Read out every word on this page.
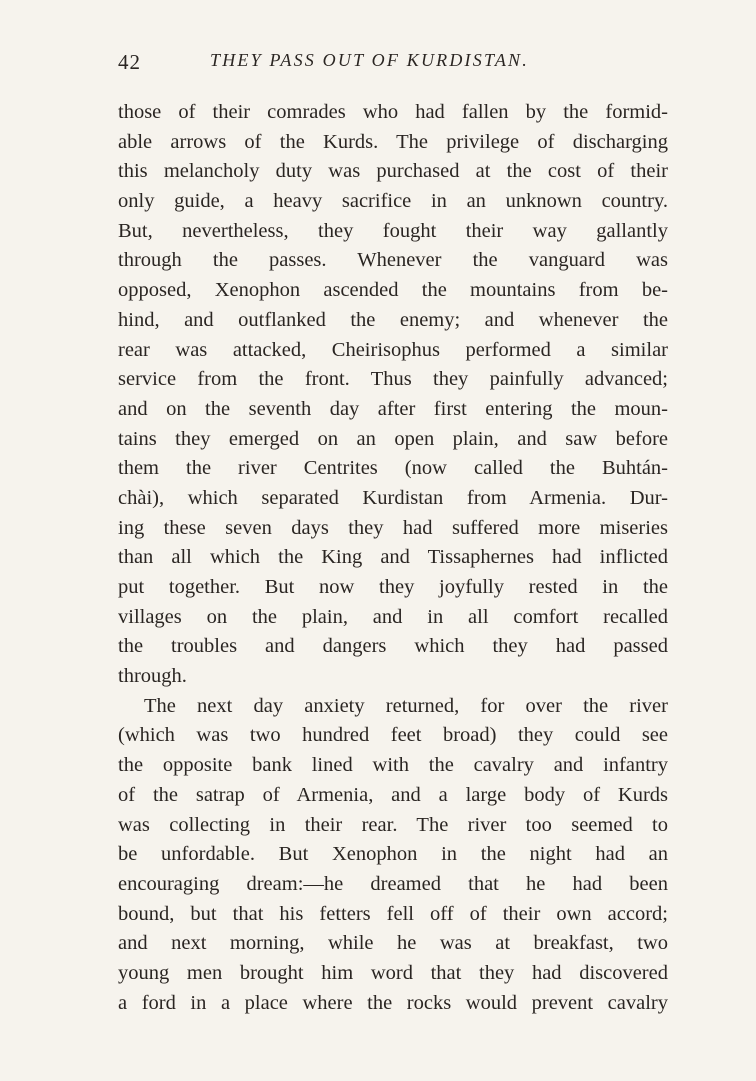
42	THEY PASS OUT OF KURDISTAN.
those of their comrades who had fallen by the formid-
able arrows of the Kurds. The privilege of discharging
this melancholy duty was purchased at the cost of their
only guide, a heavy sacrifice in an unknown country.
But, nevertheless, they fought their way gallantly
through the passes. Whenever the vanguard was
opposed, Xenophon ascended the mountains from be-
hind, and outflanked the enemy; and whenever the
rear was attacked, Cheirisophus performed a similar
service from the front. Thus they painfully advanced;
and on the seventh day after first entering the moun-
tains they emerged on an open plain, and saw before
them the river Centrites (now called the Buhtán-
chài), which separated Kurdistan from Armenia. Dur-
ing these seven days they had suffered more miseries
than all which the King and Tissaphernes had inflicted
put together. But now they joyfully rested in the
villages on the plain, and in all comfort recalled
the troubles and dangers which they had passed
through.
The next day anxiety returned, for over the river
(which was two hundred feet broad) they could see
the opposite bank lined with the cavalry and infantry
of the satrap of Armenia, and a large body of Kurds
was collecting in their rear. The river too seemed to
be unfordable. But Xenophon in the night had an
encouraging dream:—he dreamed that he had been
bound, but that his fetters fell off of their own accord;
and next morning, while he was at breakfast, two
young men brought him word that they had discovered
a ford in a place where the rocks would prevent cavalry
